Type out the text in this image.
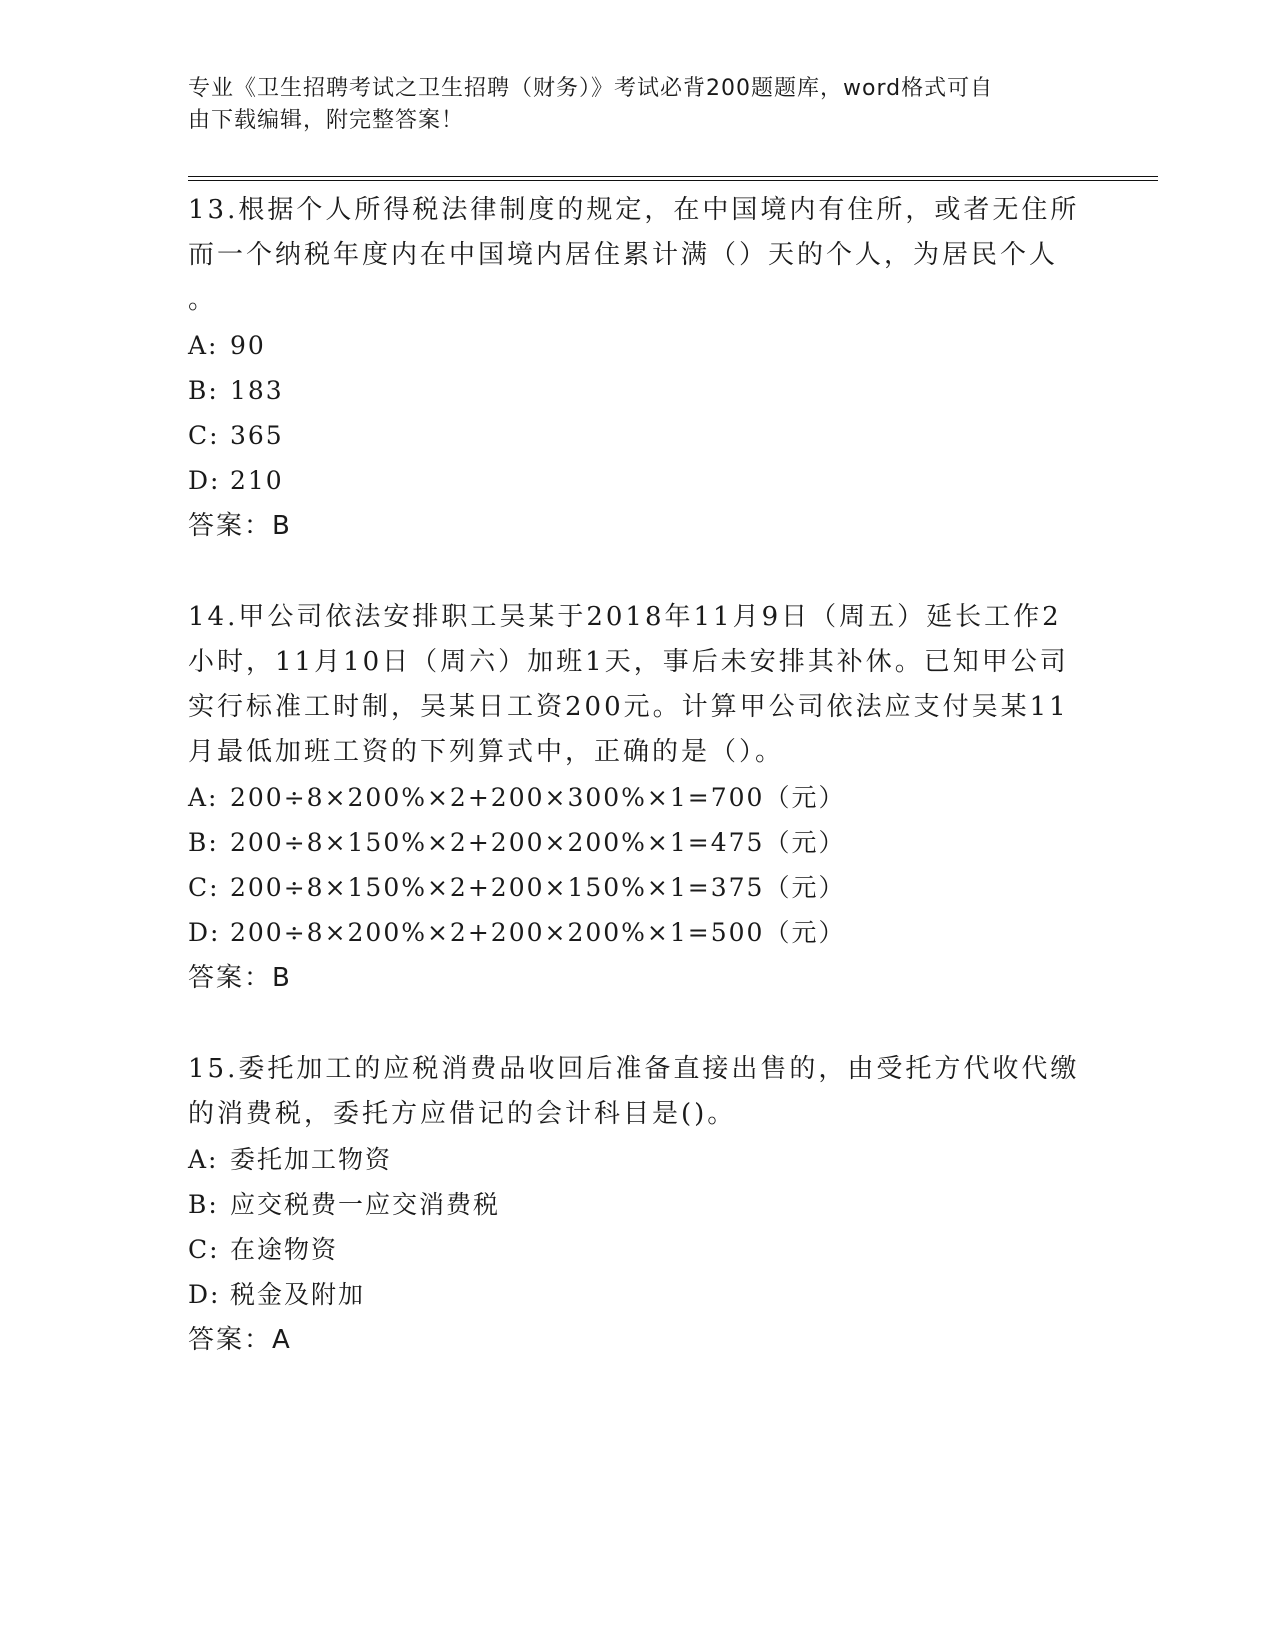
专业《卫生招聘考试之卫生招聘（财务）》考试必背200题题库，word格式可自
由下载编辑，附完整答案！
13.根据个人所得税法律制度的规定，在中国境内有住所，或者无住所
而一个纳税年度内在中国境内居住累计满（）天的个人，为居民个人
。
A: 90
B: 183
C: 365
D: 210
答案：B
14.甲公司依法安排职工吴某于2018年11月9日（周五）延长工作2
小时，11月10日（周六）加班1天，事后未安排其补休。已知甲公司
实行标准工时制，吴某日工资200元。计算甲公司依法应支付吴某11
月最低加班工资的下列算式中，正确的是（）。
A: 200÷8×200%×2+200×300%×1=700（元）
B: 200÷8×150%×2+200×200%×1=475（元）
C: 200÷8×150%×2+200×150%×1=375（元）
D: 200÷8×200%×2+200×200%×1=500（元）
答案：B
15.委托加工的应税消费品收回后准备直接出售的，由受托方代收代缴
的消费税，委托方应借记的会计科目是()。
A: 委托加工物资
B: 应交税费一应交消费税
C: 在途物资
D: 税金及附加
答案：A
